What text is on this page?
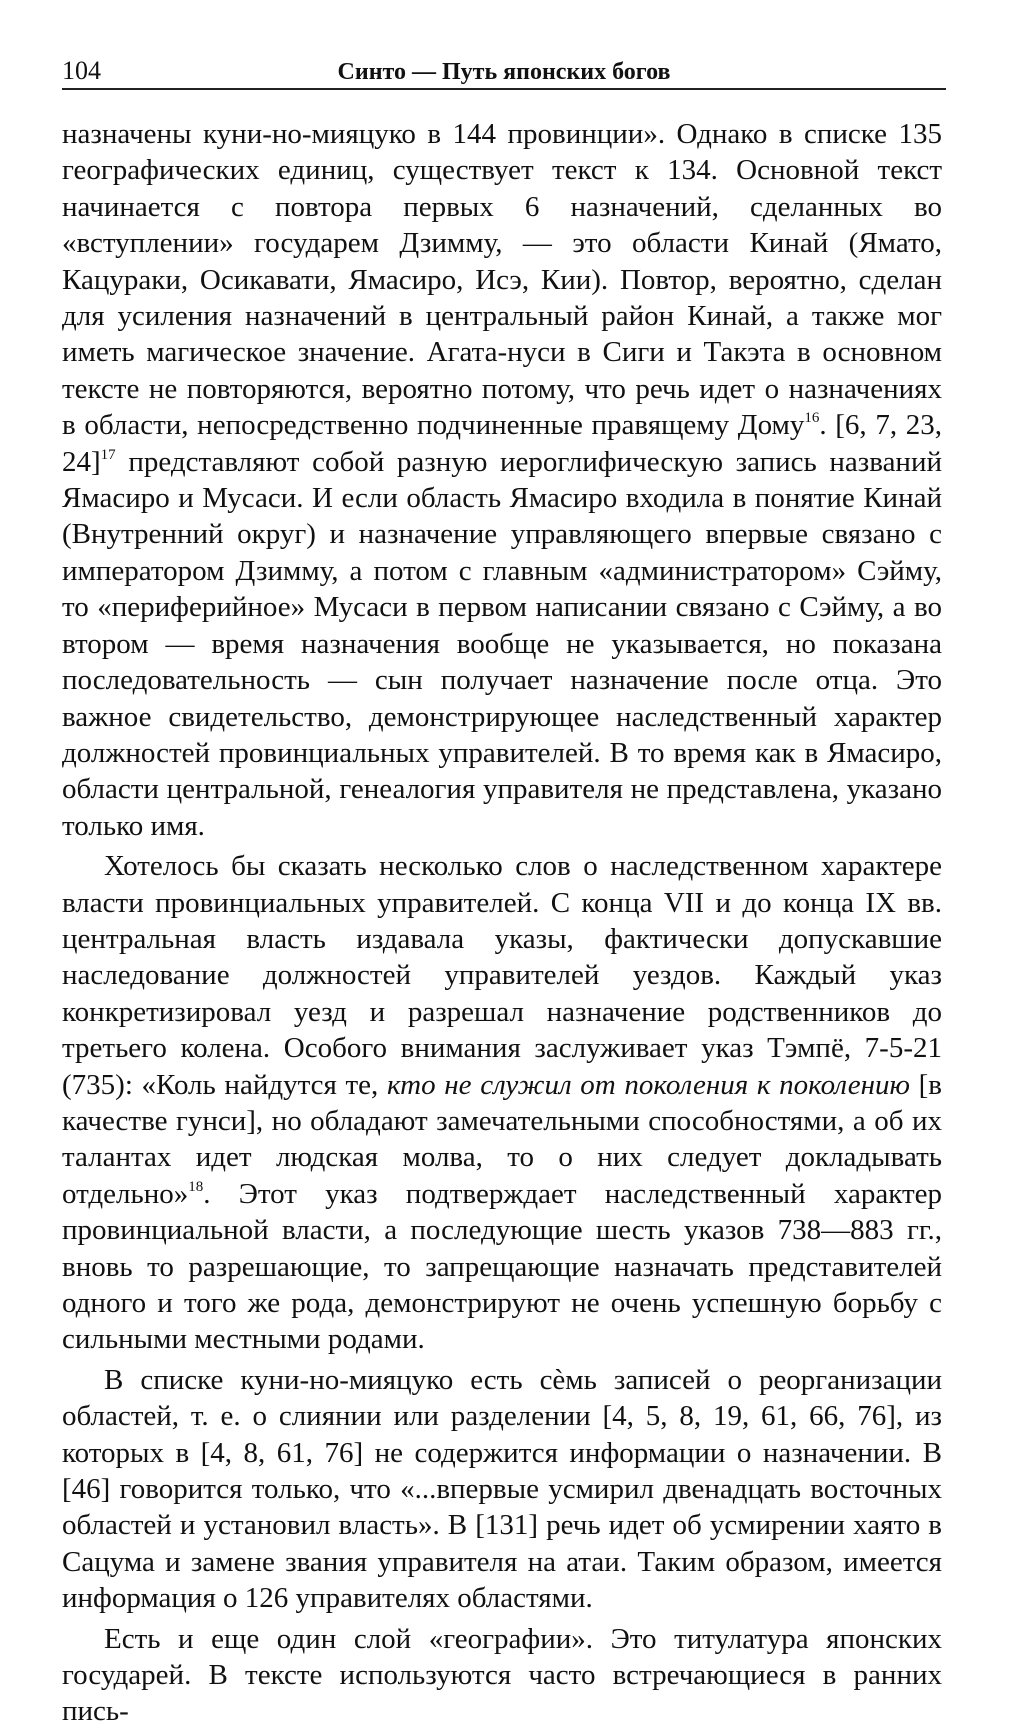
104	Синто — Путь японских богов

назначены куни-но-мияцуко в 144 провинции». Однако в списке 135 географических единиц, существует текст к 134. Основной текст начинается с повтора первых 6 назначений, сделанных во «вступлении» государем Дзимму, — это области Кинай (Ямато, Кацураки, Осикавати, Ямасиро, Исэ, Кии). Повтор, вероятно, сделан для усиления назначений в центральный район Кинай, а также мог иметь магическое значение. Агата-нуси в Сиги и Такэта в основном тексте не повторяются, вероятно потому, что речь идет о назначениях в области, непосредственно подчиненные правящему Дому$^{16}$. [6, 7, 23, 24]$^{17}$ представляют собой разную иероглифическую запись названий Ямасиро и Мусаси. И если область Ямасиро входила в понятие Кинай (Внутренний округ) и назначение управляющего впервые связано с императором Дзимму, а потом с главным «администратором» Сэйму, то «периферийное» Мусаси в первом написании связано с Сэйму, а во втором — время назначения вообще не указывается, но показана последовательность — сын получает назначение после отца. Это важное свидетельство, демонстрирующее наследственный характер должностей провинциальных управителей. В то время как в Ямасиро, области центральной, генеалогия управителя не представлена, указано только имя.

Хотелось бы сказать несколько слов о наследственном характере власти провинциальных управителей. С конца VII и до конца IX вв. центральная власть издавала указы, фактически допускавшие наследование должностей управителей уездов. Каждый указ конкретизировал уезд и разрешал назначение родственников до третьего колена. Особого внимания заслуживает указ Тэмпё, 7-5-21 (735): «Коль найдутся те, кто не служил от поколения к поколению [в качестве гунси], но обладают замечательными способностями, а об их талантах идет людская молва, то о них следует докладывать отдельно»$^{18}$. Этот указ подтверждает наследственный характер провинциальной власти, а последующие шесть указов 738—883 гг., вновь то разрешающие, то запрещающие назначать представителей одного и того же рода, демонстрируют не очень успешную борьбу с сильными местными родами.

В списке куни-но-мияцуко есть сѐмь записей о реорганизации областей, т. е. о слиянии или разделении [4, 5, 8, 19, 61, 66, 76], из которых в [4, 8, 61, 76] не содержится информации о назначении. В [46] говорится только, что «...впервые усмирил двенадцать восточных областей и установил власть». В [131] речь идет об усмирении хаято в Сацума и замене звания управителя на атаи. Таким образом, имеется информация о 126 управителях областями.

Есть и еще один слой «географии». Это титулатура японских государей. В тексте используются часто встречающиеся в ранних пись-
